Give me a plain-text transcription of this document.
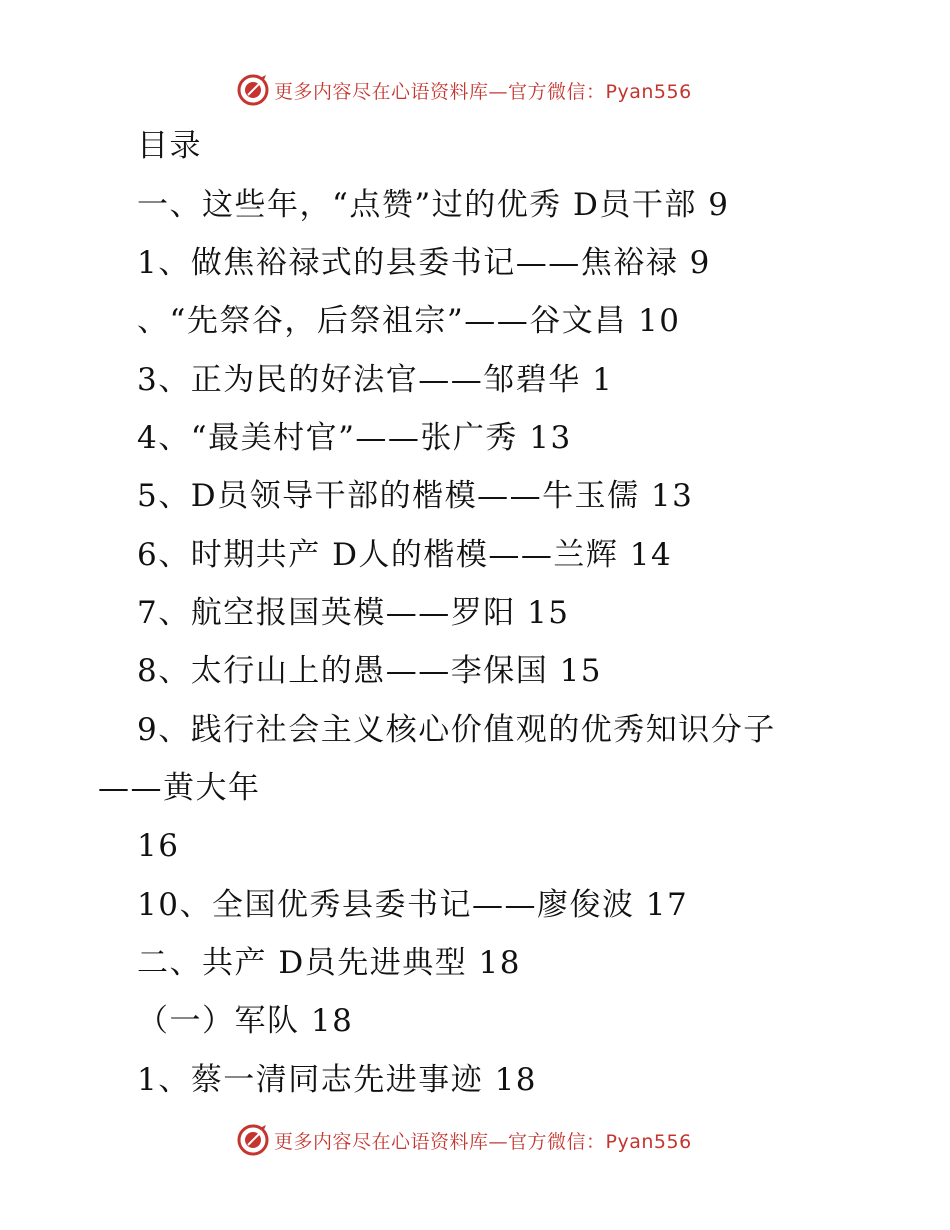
更多内容尽在心语资料库—官方微信：Pyan556
目录
一、这些年，“点赞”过的优秀 D员干部 9
1、做焦裕禄式的县委书记——焦裕禄 9
、“先祭谷，后祭祖宗”——谷文昌 10
3、正为民的好法官——邹碧华 1
4、“最美村官”——张广秀 13
5、D员领导干部的楷模——牛玉儒 13
6、时期共产 D人的楷模——兰辉 14
7、航空报国英模——罗阳 15
8、太行山上的愚——李保国 15
9、践行社会主义核心价值观的优秀知识分子
——黄大年
16
10、全国优秀县委书记——廖俊波 17
二、共产 D员先进典型 18
（一）军队 18
1、蔡一清同志先进事迹 18
更多内容尽在心语资料库—官方微信：Pyan556
